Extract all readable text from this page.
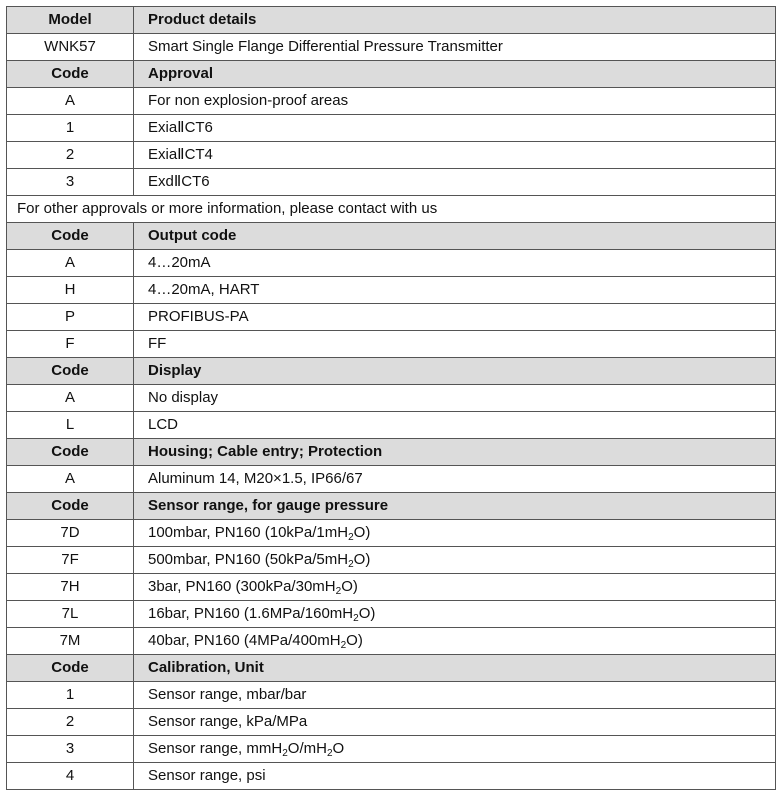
Model	Product details
WNK57	Smart Single Flange Differential Pressure Transmitter
Code	Approval
A	For non explosion-proof areas
1	ExiaⅡCT6
2	ExiaⅡCT4
3	ExdⅡCT6
For other approvals or more information, please contact with us	
Code	Output code
A	4…20mA
H	4…20mA, HART
P	PROFIBUS-PA
F	FF
Code	Display
A	No display
L	LCD
Code	Housing; Cable entry; Protection
A	Aluminum 14, M20×1.5, IP66/67
Code	Sensor range, for gauge pressure
7D	100mbar, PN160 $(10kPa/1mH_2O)$
7F	500mbar, PN160 $(50kPa/5mH_2O)$
7H	3bar, PN160 $(300kPa/30mH_2O)$
7L	16bar, PN160 $(1.6MPa/160mH_2O)$
7M	40bar, PN160 $(4MPa/400mH_2O)$
Code	Calibration, Unit
1	Sensor range, mbar/bar
2	Sensor range, kPa/MPa
3	Sensor range, $mmH_2O/mH_2O$
4	Sensor range, psi
